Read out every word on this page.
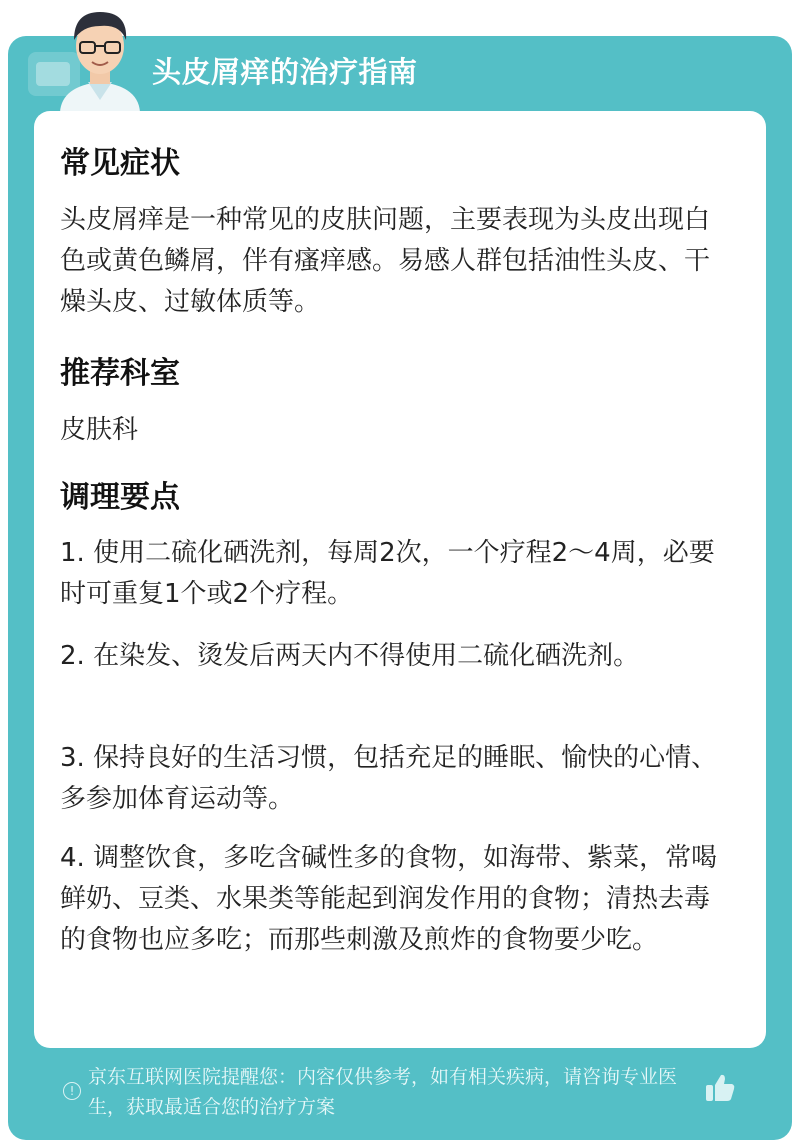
头皮屑痒的治疗指南
常见症状
头皮屑痒是一种常见的皮肤问题，主要表现为头皮出现白色或黄色鳞屑，伴有瘙痒感。易感人群包括油性头皮、干燥头皮、过敏体质等。
推荐科室
皮肤科
调理要点
1. 使用二硫化硒洗剂，每周2次，一个疗程2～4周，必要时可重复1个或2个疗程。
2. 在染发、烫发后两天内不得使用二硫化硒洗剂。
3. 保持良好的生活习惯，包括充足的睡眠、愉快的心情、多参加体育运动等。
4. 调整饮食，多吃含碱性多的食物，如海带、紫菜，常喝鲜奶、豆类、水果类等能起到润发作用的食物；清热去毒的食物也应多吃；而那些刺激及煎炸的食物要少吃。
!
京东互联网医院提醒您：内容仅供参考，如有相关疾病，请咨询专业医生，获取最适合您的治疗方案
